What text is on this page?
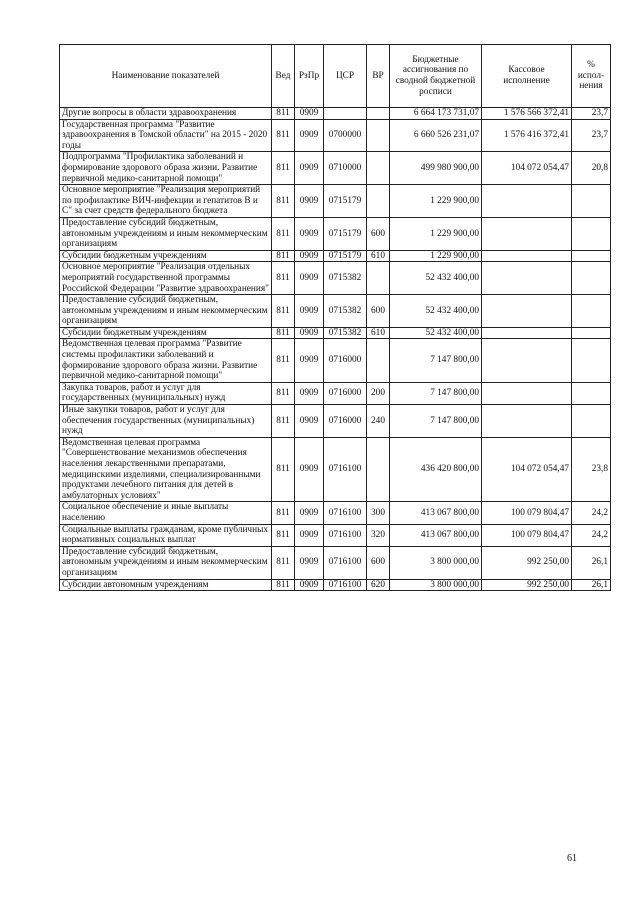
Наименование показателей	Вед	РзПр	ЦСР	ВР	Бюджетные ассигнования по сводной бюджетной росписи	Кассовое исполнение	% испол-нения
Другие вопросы в области здравоохранения	811	0909			6 664 173 731,07	1 576 566 372,41	23,7
Государственная программа "Развитие здравоохранения в Томской области" на 2015 - 2020 годы	811	0909	0700000		6 660 526 231,07	1 576 416 372,41	23,7
Подпрограмма "Профилактика заболеваний и формирование здорового образа жизни. Развитие первичной медико-санитарной помощи"	811	0909	0710000		499 980 900,00	104 072 054,47	20,8
Основное мероприятие "Реализация мероприятий по профилактике ВИЧ-инфекции и гепатитов В и С" за счет средств федерального бюджета	811	0909	0715179		1 229 900,00		
Предоставление субсидий бюджетным, автономным учреждениям и иным некоммерческим организациям	811	0909	0715179	600	1 229 900,00		
Субсидии бюджетным учреждениям	811	0909	0715179	610	1 229 900,00		
Основное мероприятие "Реализация отдельных мероприятий государственной программы Российской Федерации "Развитие здравоохранения"	811	0909	0715382		52 432 400,00		
Предоставление субсидий бюджетным, автономным учреждениям и иным некоммерческим организациям	811	0909	0715382	600	52 432 400,00		
Субсидии бюджетным учреждениям	811	0909	0715382	610	52 432 400,00		
Ведомственная целевая программа "Развитие системы профилактики заболеваний и формирование здорового образа жизни. Развитие первичной медико-санитарной помощи"	811	0909	0716000		7 147 800,00		
Закупка товаров, работ и услуг для государственных (муниципальных) нужд	811	0909	0716000	200	7 147 800,00		
Иные закупки товаров, работ и услуг для обеспечения государственных (муниципальных) нужд	811	0909	0716000	240	7 147 800,00		
Ведомственная целевая программа "Совершенствование механизмов обеспечения населения лекарственными препаратами, медицинскими изделиями, специализированными продуктами лечебного питания для детей в амбулаторных условиях"	811	0909	0716100		436 420 800,00	104 072 054,47	23,8
Социальное обеспечение и иные выплаты населению	811	0909	0716100	300	413 067 800,00	100 079 804,47	24,2
Социальные выплаты гражданам, кроме публичных нормативных социальных выплат	811	0909	0716100	320	413 067 800,00	100 079 804,47	24,2
Предоставление субсидий бюджетным, автономным учреждениям и иным некоммерческим организациям	811	0909	0716100	600	3 800 000,00	992 250,00	26,1
Субсидии автономным учреждениям	811	0909	0716100	620	3 800 000,00	992 250,00	26,1
61
